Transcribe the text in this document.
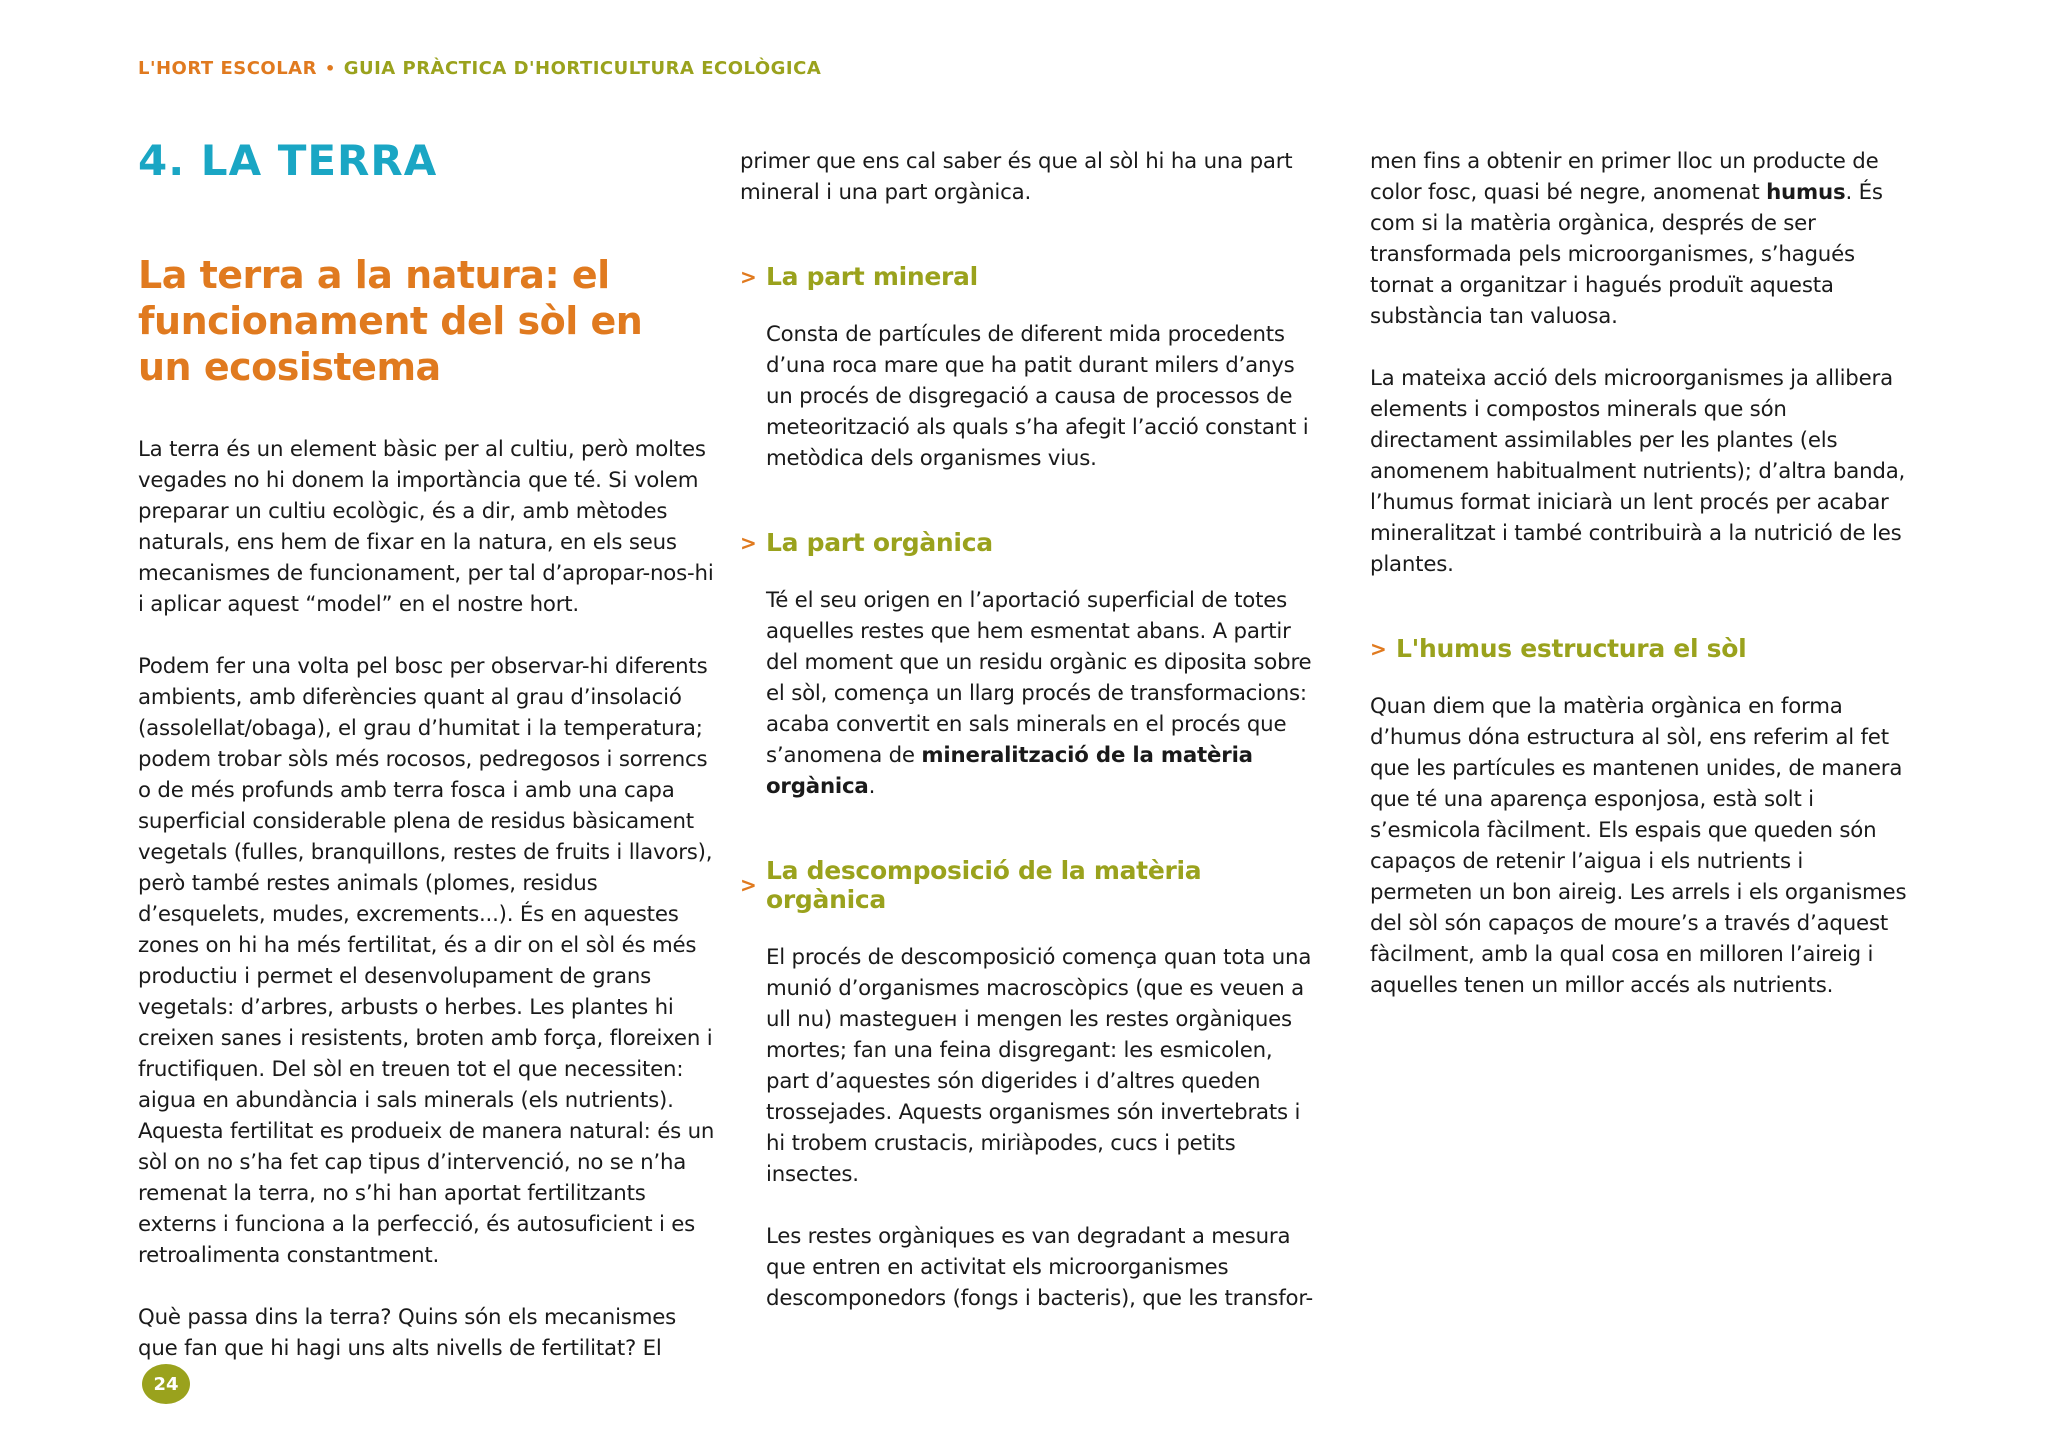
L'HORT ESCOLAR • GUIA PRÀCTICA D'HORTICULTURA ECOLÒGICA
4. LA TERRA
La terra a la natura: el funcionament del sòl en un ecosistema

La terra és un element bàsic per al cultiu, però moltes vegades no hi donem la importància que té. Si volem preparar un cultiu ecològic, és a dir, amb mètodes naturals, ens hem de fixar en la natura, en els seus mecanismes de funcionament, per tal d’apropar-nos-hi i aplicar aquest “model” en el nostre hort.

Podem fer una volta pel bosc per observar-hi diferents ambients, amb diferències quant al grau d’insolació (assolellat/obaga), el grau d’humitat i la temperatura; podem trobar sòls més rocosos, pedregosos i sorrencs o de més profunds amb terra fosca i amb una capa superficial considerable plena de residus bàsicament vegetals (fulles, branquillons, restes de fruits i llavors), però també restes animals (plomes, residus d’esquelets, mudes, excrements...). És en aquestes zones on hi ha més fertilitat, és a dir on el sòl és més productiu i permet el desenvolupament de grans vegetals: d’arbres, arbusts o herbes. Les plantes hi creixen sanes i resistents, broten amb força, floreixen i fructifiquen. Del sòl en treuen tot el que necessiten: aigua en abundància i sals minerals (els nutrients). Aquesta fertilitat es produeix de manera natural: és un sòl on no s’ha fet cap tipus d’intervenció, no se n’ha remenat la terra, no s’hi han aportat fertilitzants externs i funciona a la perfecció, és autosuficient i es retroalimenta constantment.

Què passa dins la terra? Quins són els mecanismes que fan que hi hagi uns alts nivells de fertilitat? El

primer que ens cal saber és que al sòl hi ha una part mineral i una part orgànica.

> La part mineral

Consta de partícules de diferent mida procedents d’una roca mare que ha patit durant milers d’anys un procés de disgregació a causa de processos de meteorització als quals s’ha afegit l’acció constant i metòdica dels organismes vius.

> La part orgànica

Té el seu origen en l’aportació superficial de totes aquelles restes que hem esmentat abans. A partir del moment que un residu orgànic es diposita sobre el sòl, comença un llarg procés de transformacions: acaba convertit en sals minerals en el procés que s’anomena de mineralització de la matèria orgànica.

> La descomposició de la matèria orgànica

El procés de descomposició comença quan tota una munió d’organismes macroscòpics (que es veuen a ull nu) mastegueн i mengen les restes orgàniques mortes; fan una feina disgregant: les esmicolen, part d’aquestes són digerides i d’altres queden trossejades. Aquests organismes són invertebrats i hi trobem crustacis, miriàpodes, cucs i petits insectes.

Les restes orgàniques es van degradant a mesura que entren en activitat els microorganismes descomponedors (fongs i bacteris), que les transfor-

men fins a obtenir en primer lloc un producte de color fosc, quasi bé negre, anomenat humus. És com si la matèria orgànica, després de ser transformada pels microorganismes, s’hagués tornat a organitzar i hagués produït aquesta substància tan valuosa.

La mateixa acció dels microorganismes ja allibera elements i compostos minerals que són directament assimilables per les plantes (els anomenem habitualment nutrients); d’altra banda, l’humus format iniciarà un lent procés per acabar mineralitzat i també contribuirà a la nutrició de les plantes.

> L'humus estructura el sòl

Quan diem que la matèria orgànica en forma d’humus dóna estructura al sòl, ens referim al fet que les partícules es mantenen unides, de manera que té una aparença esponjosa, està solt i s’esmicola fàcilment. Els espais que queden són capaços de retenir l’aigua i els nutrients i permeten un bon aireig. Les arrels i els organismes del sòl són capaços de moure’s a través d’aquest fàcilment, amb la qual cosa en milloren l’aireig i aquelles tenen un millor accés als nutrients.

24
